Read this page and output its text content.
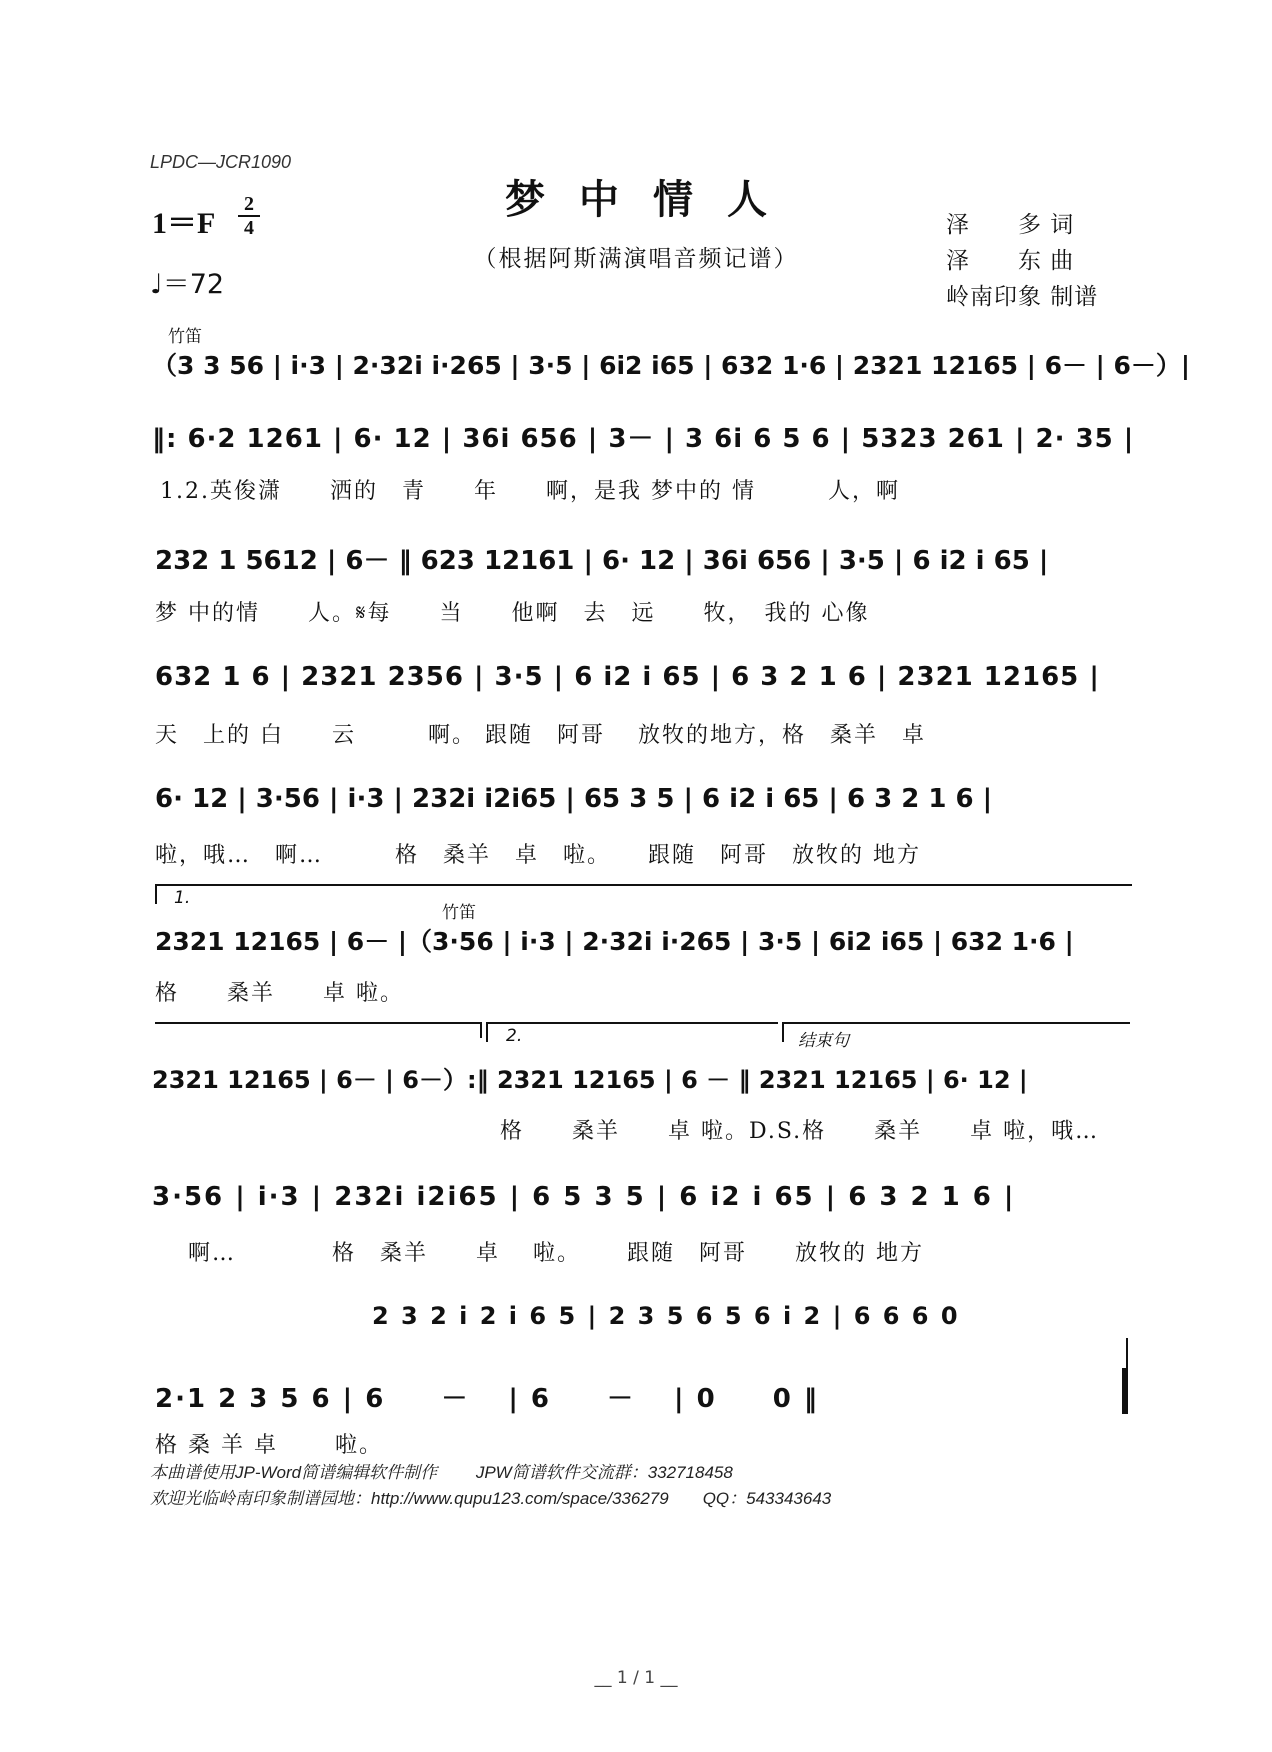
LPDC—JCR1090
梦中情人
（根据阿斯满演唱音频记谱）
1＝F
2
4
♩＝72
泽　　多 词
泽　　东 曲
岭南印象 制谱
竹笛
（3 3 56 | i·3 | 2·32i i·265 | 3·5 | 6i2 i65 | 632 1·6 | 2321 12165 | 6－ | 6－）|
‖: 6·2 1261 | 6· 12 | 36i 656 | 3－ | 3 6i 6 5 6 | 5323 261 | 2· 35 |
1.2.英俊潇　　洒的　青　　年　　啊，是我 梦中的 情　　　人，啊
232 1 5612 | 6－ ‖ 623 12161 | 6· 12 | 36i 656 | 3·5 | 6 i2 i 65 |
梦 中的情　　人。𝄋每　　当　　他啊　去　远　　牧，　我的 心像
632 1 6 | 2321 2356 | 3·5 | 6 i2 i 65 | 6 3 2 1 6 | 2321 12165 |
天　上的 白　　云　　　啊。 跟随　阿哥　 放牧的地方，格　桑羊　卓
6· 12 | 3·56 | i·3 | 232i i2i65 | 65 3 5 | 6 i2 i 65 | 6 3 2 1 6 |
啦，哦…　啊…　　　格　桑羊　卓　啦。　　跟随　阿哥　放牧的 地方
1.
竹笛
2321 12165 | 6－ |（3·56 | i·3 | 2·32i i·265 | 3·5 | 6i2 i65 | 632 1·6 |
格　　桑羊　　卓 啦。
2.	结束句
2321 12165 | 6－ | 6－）:‖ 2321 12165 | 6 － ‖ 2321 12165 | 6· 12 |
格　　桑羊　　卓 啦。D.S.格　　桑羊　　卓 啦，哦…
3·56 | i·3 | 232i i2i65 | 6 5 3 5 | 6 i2 i 65 | 6 3 2 1 6 |
啊…　　　　格　桑羊　　卓　 啦。　　 跟随　阿哥　　放牧的 地方
2 3 2 i 2 i 6 5 | 2 3 5 6 5 6 i 2 | 6 6 6 0
2·1 2 3 5 6 | 6　　－　 | 6　　－　 | 0　　0 ‖
格 桑 羊 卓　　 啦。
本曲谱使用JP-Word简谱编辑软件制作　　 JPW简谱软件交流群：332718458
欢迎光临岭南印象制谱园地：http://www.qupu123.com/space/336279　　QQ：543343643
__ 1 / 1 __
